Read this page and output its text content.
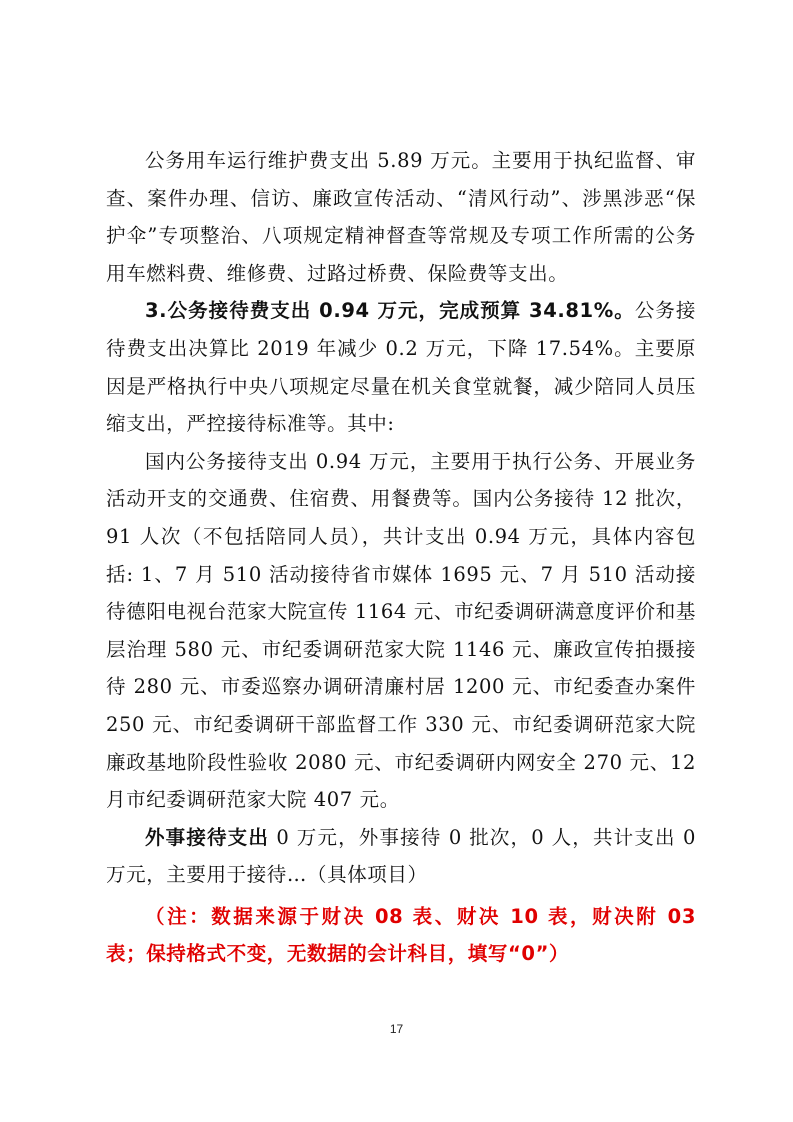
公务用车运行维护费支出 5.89 万元。主要用于执纪监督、审查、案件办理、信访、廉政宣传活动、“清风行动”、涉黑涉恶“保护伞”专项整治、八项规定精神督查等常规及专项工作所需的公务用车燃料费、维修费、过路过桥费、保险费等支出。

3.公务接待费支出 0.94 万元，完成预算 34.81%。公务接待费支出决算比 2019 年减少 0.2 万元，下降 17.54%。主要原因是严格执行中央八项规定尽量在机关食堂就餐，减少陪同人员压缩支出，严控接待标准等。其中:

国内公务接待支出 0.94 万元，主要用于执行公务、开展业务活动开支的交通费、住宿费、用餐费等。国内公务接待 12 批次，91 人次（不包括陪同人员），共计支出 0.94 万元，具体内容包括: 1、7 月 510 活动接待省市媒体 1695 元、7 月 510 活动接待德阳电视台范家大院宣传 1164 元、市纪委调研满意度评价和基层治理 580 元、市纪委调研范家大院 1146 元、廉政宣传拍摄接待 280 元、市委巡察办调研清廉村居 1200 元、市纪委查办案件 250 元、市纪委调研干部监督工作 330 元、市纪委调研范家大院廉政基地阶段性验收 2080 元、市纪委调研内网安全 270 元、12 月市纪委调研范家大院 407 元。

外事接待支出 0 万元，外事接待 0 批次，0 人，共计支出 0 万元，主要用于接待…（具体项目）

（注：数据来源于财决 08 表、财决 10 表，财决附 03 表；保持格式不变，无数据的会计科目，填写“0”）

17
